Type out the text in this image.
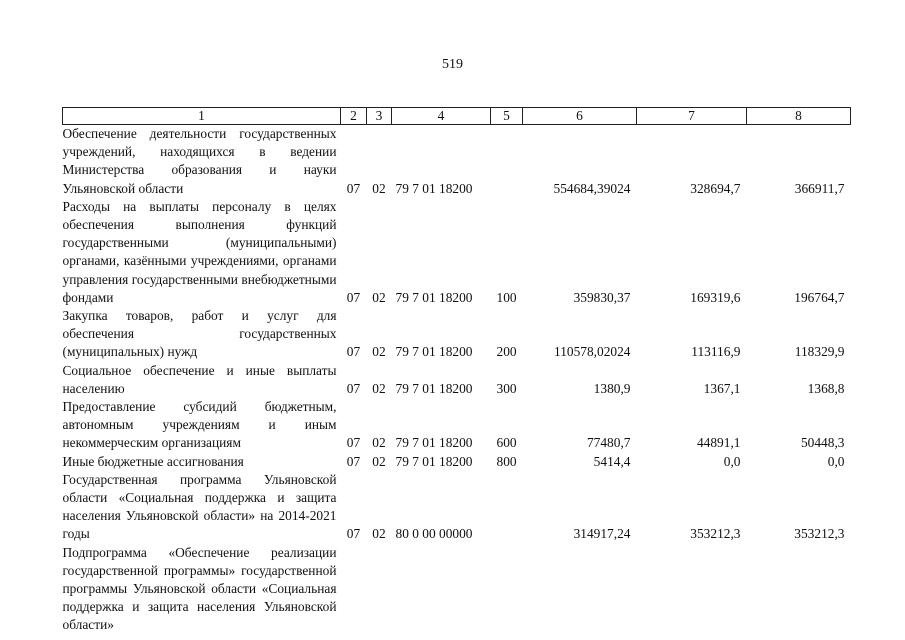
519
1	2	3	4	5	6	7	8
Обеспечение деятельности государственных учреждений, находящихся в ведении Министерства образования и науки Ульяновской области	07	02	79 7 01 18200		554684,39024	328694,7	366911,7
Расходы на выплаты персоналу в целях обеспечения выполнения функций государственными (муниципальными) органами, казёнными учреждениями, органами управления государственными внебюджетными фондами	07	02	79 7 01 18200	100	359830,37	169319,6	196764,7
Закупка товаров, работ и услуг для обеспечения государственных (муниципальных) нужд	07	02	79 7 01 18200	200	110578,02024	113116,9	118329,9
Социальное обеспечение и иные выплаты населению	07	02	79 7 01 18200	300	1380,9	1367,1	1368,8
Предоставление субсидий бюджетным, автономным учреждениям и иным некоммерческим организациям	07	02	79 7 01 18200	600	77480,7	44891,1	50448,3
Иные бюджетные ассигнования	07	02	79 7 01 18200	800	5414,4	0,0	0,0
Государственная программа Ульяновской области «Социальная поддержка и защита населения Ульяновской области» на 2014-2021 годы	07	02	80 0 00 00000		314917,24	353212,3	353212,3
Подпрограмма «Обеспечение реализации государственной программы» государственной программы Ульяновской области «Социальная поддержка и защита населения Ульяновской области»							
